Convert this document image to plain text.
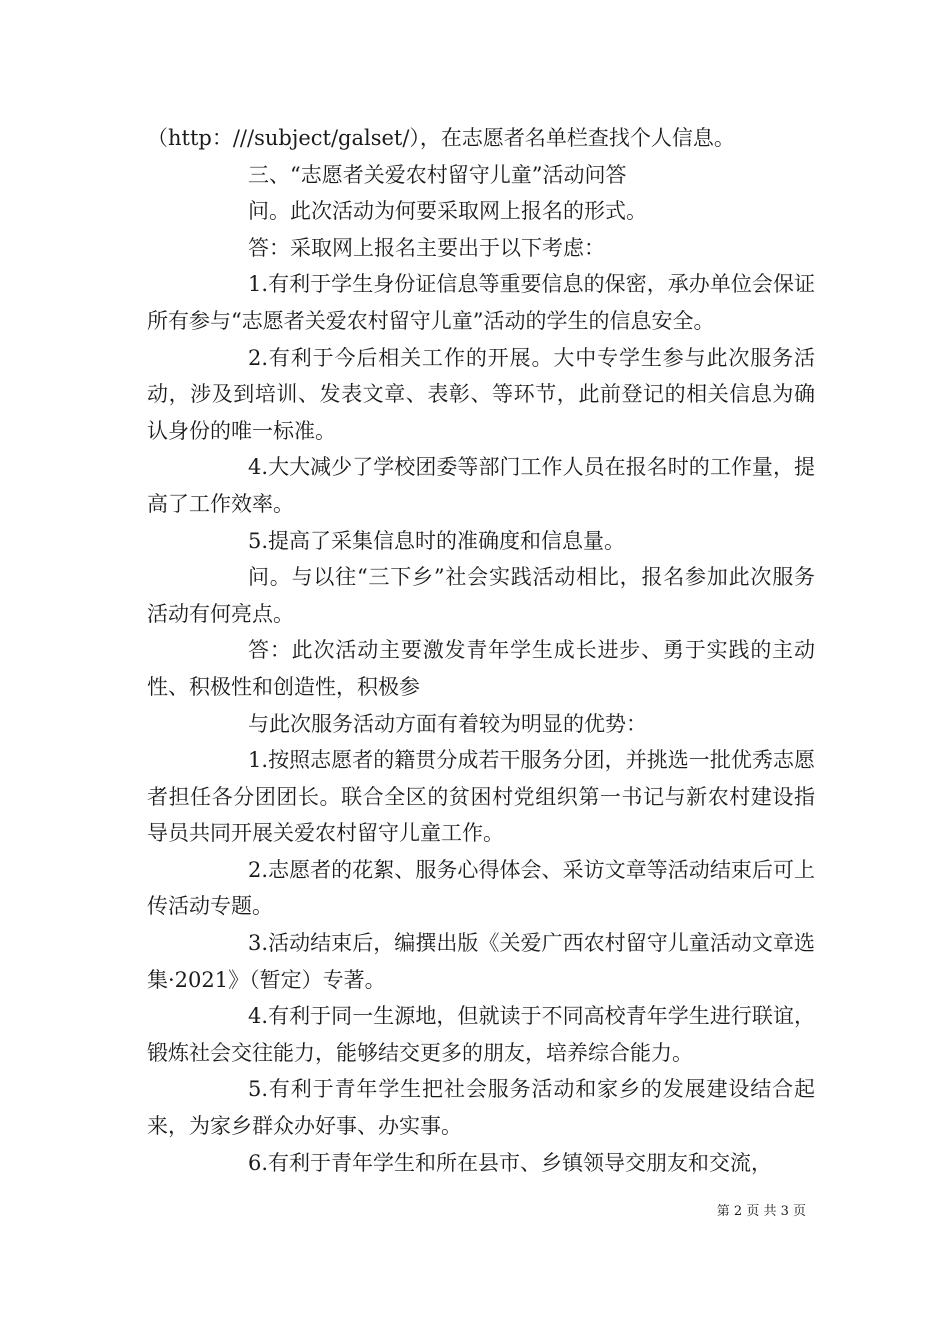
（http：///subject/galset/），在志愿者名单栏查找个人信息。

三、“志愿者关爱农村留守儿童”活动问答

问。此次活动为何要采取网上报名的形式。

答：采取网上报名主要出于以下考虑：

1.有利于学生身份证信息等重要信息的保密，承办单位会保证所有参与“志愿者关爱农村留守儿童”活动的学生的信息安全。

2.有利于今后相关工作的开展。大中专学生参与此次服务活动，涉及到培训、发表文章、表彰、等环节，此前登记的相关信息为确认身份的唯一标准。

4.大大减少了学校团委等部门工作人员在报名时的工作量，提高了工作效率。

5.提高了采集信息时的准确度和信息量。

问。与以往“三下乡”社会实践活动相比，报名参加此次服务活动有何亮点。

答：此次活动主要激发青年学生成长进步、勇于实践的主动性、积极性和创造性，积极参

与此次服务活动方面有着较为明显的优势：

1.按照志愿者的籍贯分成若干服务分团，并挑选一批优秀志愿者担任各分团团长。联合全区的贫困村党组织第一书记与新农村建设指导员共同开展关爱农村留守儿童工作。

2.志愿者的花絮、服务心得体会、采访文章等活动结束后可上传活动专题。

3.活动结束后，编撰出版《关爱广西农村留守儿童活动文章选集·2021》（暂定）专著。

4.有利于同一生源地，但就读于不同高校青年学生进行联谊，锻炼社会交往能力，能够结交更多的朋友，培养综合能力。

5.有利于青年学生把社会服务活动和家乡的发展建设结合起来，为家乡群众办好事、办实事。

6.有利于青年学生和所在县市、乡镇领导交朋友和交流，

第 2 页 共 3 页
